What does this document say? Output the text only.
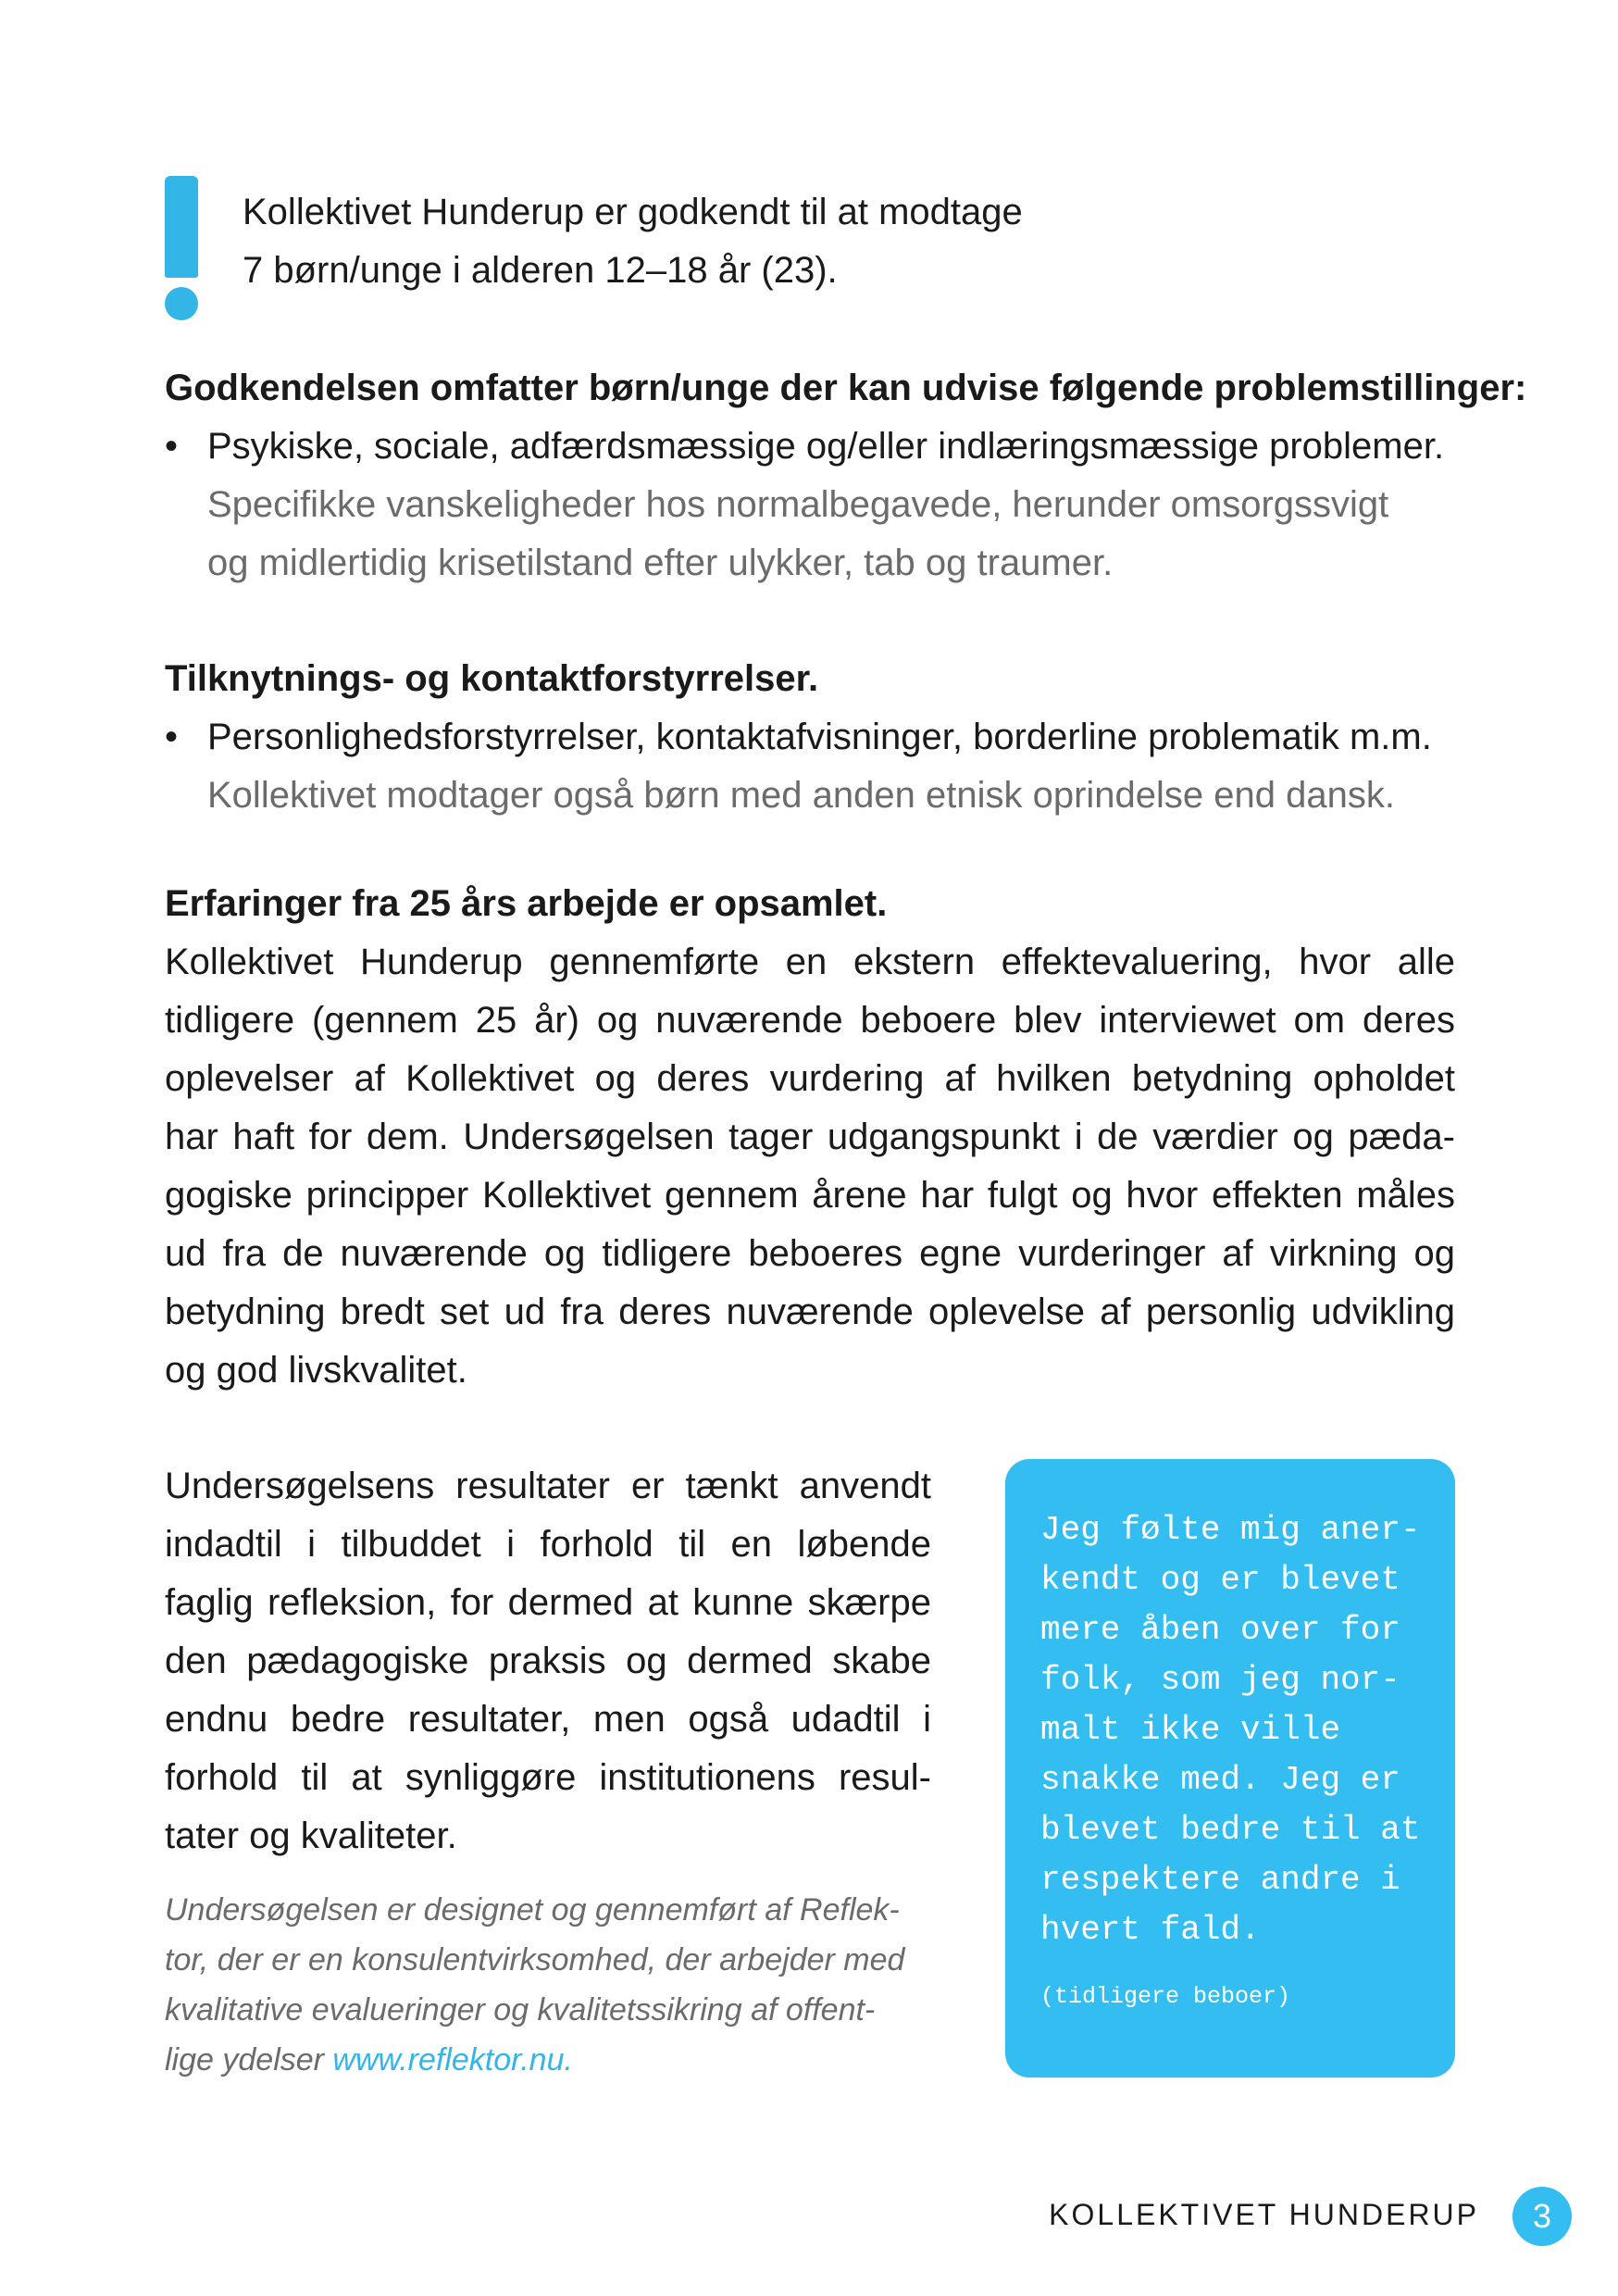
Kollektivet Hunderup er godkendt til at modtage
7 børn/unge i alderen 12–18 år (23).
Godkendelsen omfatter børn/unge der kan udvise følgende problemstillinger:
• Psykiske, sociale, adfærdsmæssige og/eller indlæringsmæssige problemer.
Specifikke vanskeligheder hos normalbegavede, herunder omsorgssvigt
og midlertidig krisetilstand efter ulykker, tab og traumer.
Tilknytnings- og kontaktforstyrrelser.
• Personlighedsforstyrrelser, kontaktafvisninger, borderline problematik m.m.
Kollektivet modtager også børn med anden etnisk oprindelse end dansk.
Erfaringer fra 25 års arbejde er opsamlet.
Kollektivet Hunderup gennemførte en ekstern effektevaluering, hvor alle
tidligere (gennem 25 år) og nuværende beboere blev interviewet om deres
oplevelser af Kollektivet og deres vurdering af hvilken betydning opholdet
har haft for dem. Undersøgelsen tager udgangspunkt i de værdier og pæda-
gogiske principper Kollektivet gennem årene har fulgt og hvor effekten måles
ud fra de nuværende og tidligere beboeres egne vurderinger af virkning og
betydning bredt set ud fra deres nuværende oplevelse af personlig udvikling
og god livskvalitet.
Undersøgelsens resultater er tænkt anvendt
indadtil i tilbuddet i forhold til en løbende
faglig refleksion, for dermed at kunne skærpe
den pædagogiske praksis og dermed skabe
endnu bedre resultater, men også udadtil i
forhold til at synliggøre institutionens resul-
tater og kvaliteter.
Undersøgelsen er designet og gennemført af Reflek-
tor, der er en konsulentvirksomhed, der arbejder med
kvalitative evalueringer og kvalitetssikring af offent-
lige ydelser www.reflektor.nu.
Jeg følte mig aner-
kendt og er blevet
mere åben over for
folk, som jeg nor-
malt ikke ville
snakke med. Jeg er
blevet bedre til at
respektere andre i
hvert fald.
(tidligere beboer)
KOLLEKTIVET HUNDERUP	3
